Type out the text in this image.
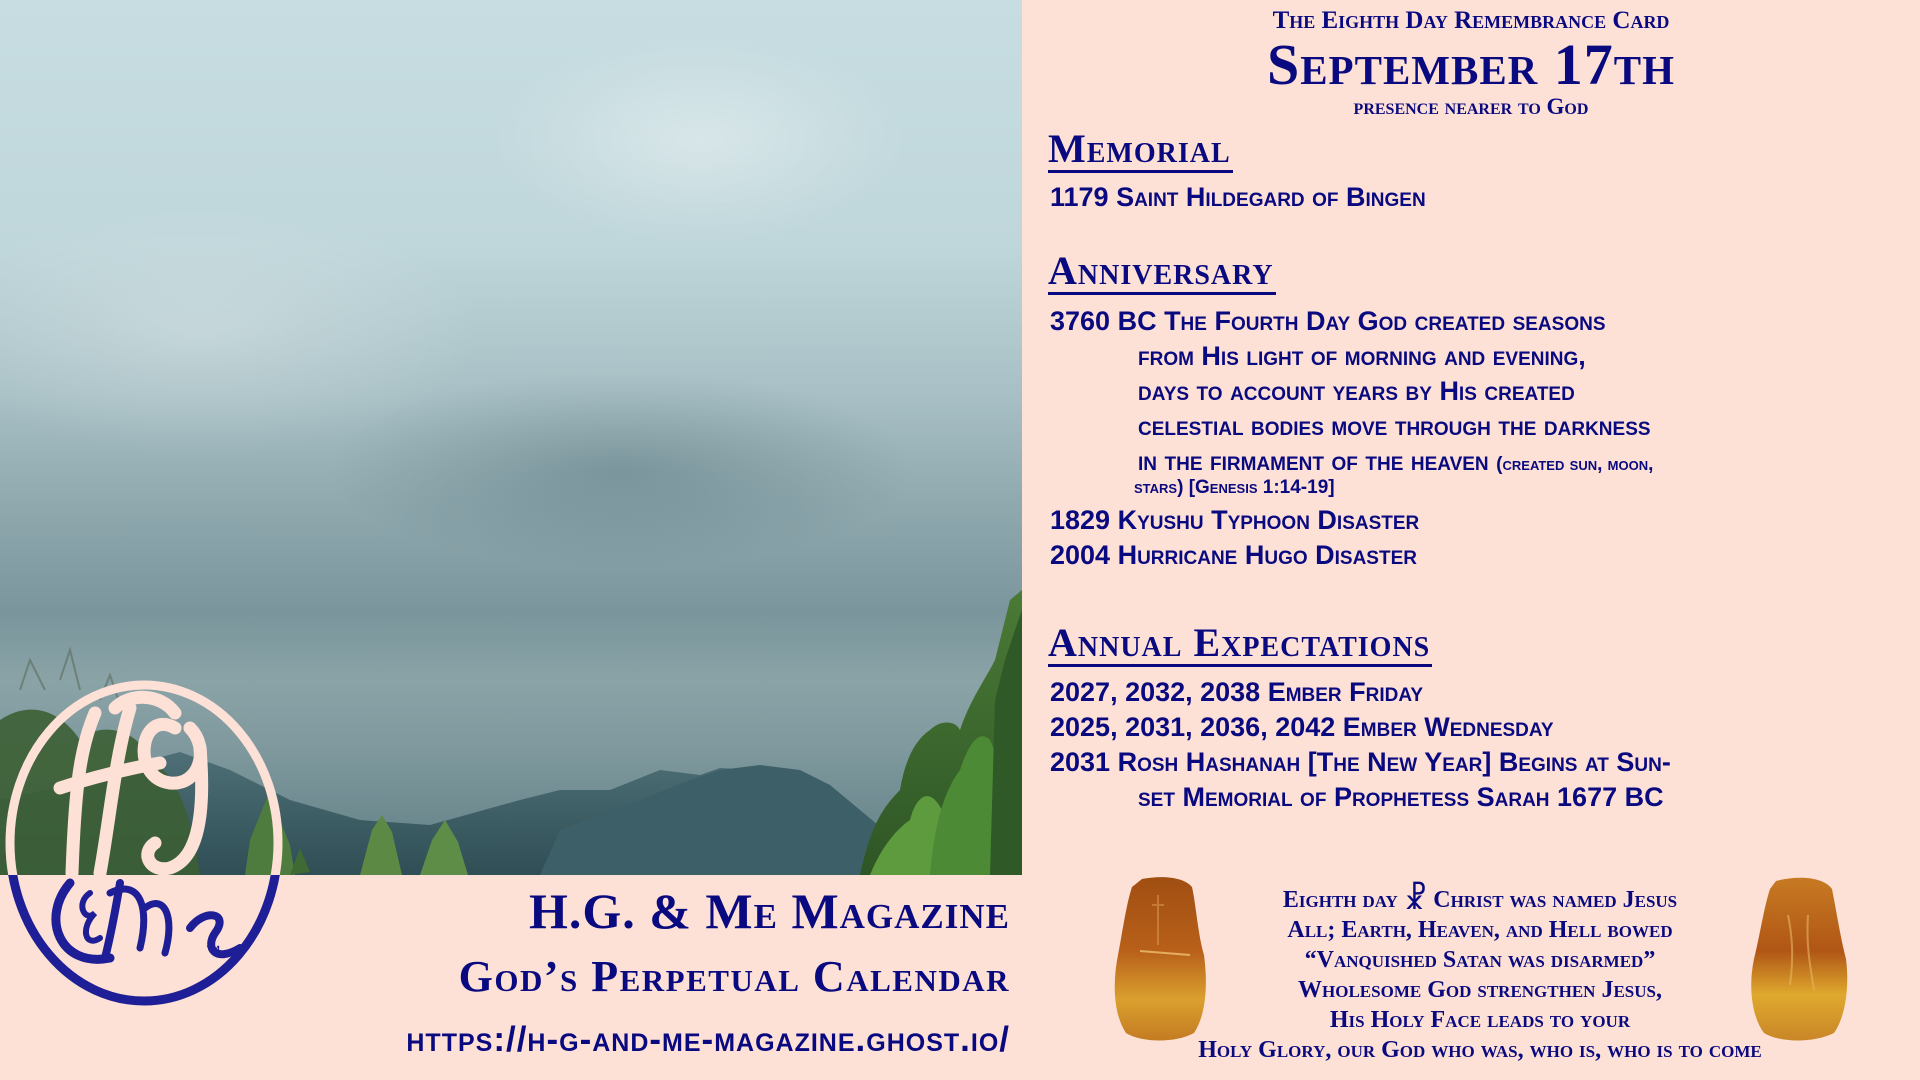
™
H.G. & Me Magazine
God’s Perpetual Calendar
https://h-g-and-me-magazine.ghost.io/
The Eighth Day Remembrance Card
September 17th
presence nearer to God
Memorial
1179 Saint Hildegard of Bingen
Anniversary
3760 BC The Fourth Day God created seasons
from His light of morning and evening,
days to account years by His created
celestial bodies move through the darkness
in the firmament of the heaven (created sun, moon,
stars) [Genesis 1:14-19]
1829 Kyushu Typhoon Disaster
2004 Hurricane Hugo Disaster
Annual Expectations
2027, 2032, 2038 Ember Friday
2025, 2031, 2036, 2042 Ember Wednesday
2031 Rosh Hashanah [The New Year] Begins at Sun-
set Memorial of Prophetess Sarah 1677 BC
Eighth day ☧ Christ was named Jesus
All; Earth, Heaven, and Hell bowed
“Vanquished Satan was disarmed”
Wholesome God strengthen Jesus,
His Holy Face leads to your
Holy Glory, our God who was, who is, who is to come
